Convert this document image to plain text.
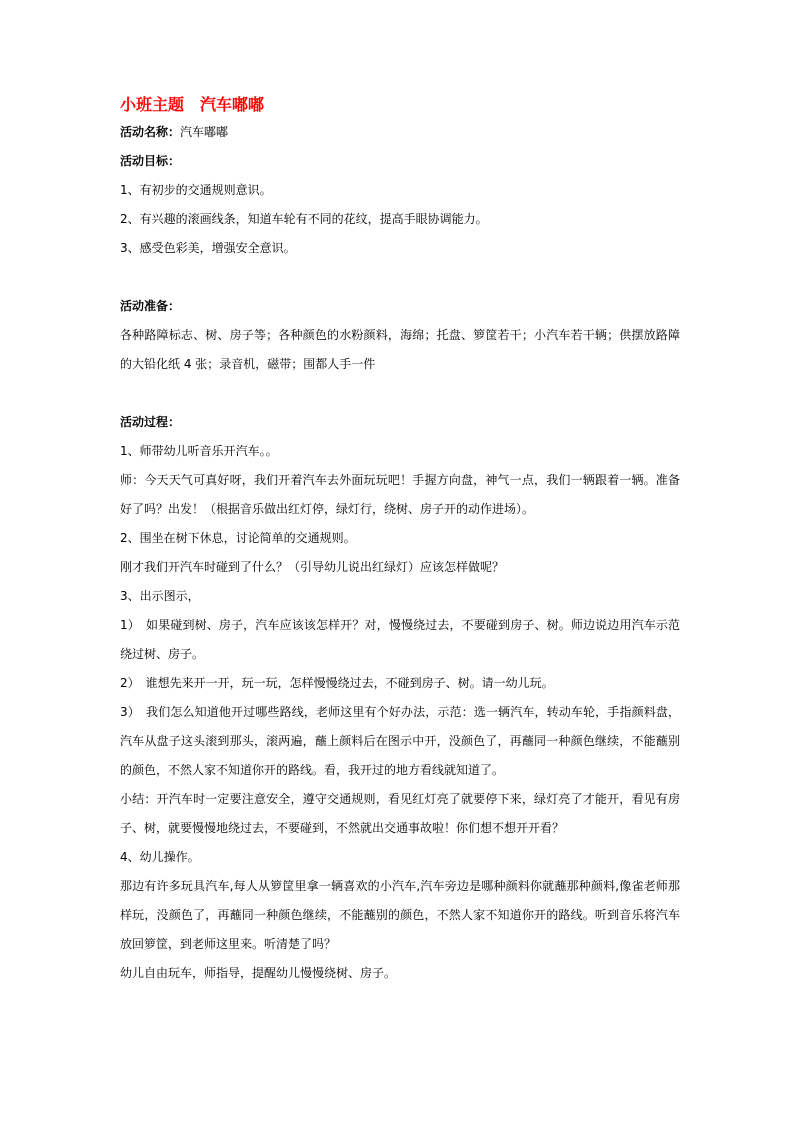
小班主题 汽车嘟嘟
活动名称：汽车嘟嘟
活动目标：
1、有初步的交通规则意识。
2、有兴趣的滚画线条，知道车轮有不同的花纹，提高手眼协调能力。
3、感受色彩美，增强安全意识。
活动准备：
各种路障标志、树、房子等；各种颜色的水粉颜料，海绵；托盘、箩筐若干；小汽车若干辆；供摆放路障的大铅化纸 4 张；录音机，磁带；围都人手一件
活动过程：
1、师带幼儿听音乐开汽车。。
师：今天天气可真好呀，我们开着汽车去外面玩玩吧！手握方向盘，神气一点，我们一辆跟着一辆。准备好了吗？出发！（根据音乐做出红灯停，绿灯行，绕树、房子开的动作进场）。
2、围坐在树下休息，讨论简单的交通规则。
刚才我们开汽车时碰到了什么？（引导幼儿说出红绿灯）应该怎样做呢？
3、出示图示，
1）　如果碰到树、房子，汽车应该该怎样开？对，慢慢绕过去，不要碰到房子、树。师边说边用汽车示范绕过树、房子。
2）　谁想先来开一开，玩一玩，怎样慢慢绕过去，不碰到房子、树。请一幼儿玩。
3）　我们怎么知道他开过哪些路线，老师这里有个好办法，示范：选一辆汽车，转动车轮，手指颜料盘，汽车从盘子这头滚到那头，滚两遍，蘸上颜料后在图示中开，没颜色了，再蘸同一种颜色继续，不能蘸别的颜色，不然人家不知道你开的路线。看，我开过的地方看线就知道了。
小结：开汽车时一定要注意安全，遵守交通规则，看见红灯亮了就要停下来，绿灯亮了才能开，看见有房子、树，就要慢慢地绕过去，不要碰到，不然就出交通事故啦！你们想不想开开看？
4、幼儿操作。
那边有许多玩具汽车,每人从箩筐里拿一辆喜欢的小汽车,汽车旁边是哪种颜料你就蘸那种颜料,像雀老师那样玩，没颜色了，再蘸同一种颜色继续，不能蘸别的颜色，不然人家不知道你开的路线。听到音乐将汽车放回箩筐，到老师这里来。听清楚了吗？
幼儿自由玩车，师指导，提醒幼儿慢慢绕树、房子。
